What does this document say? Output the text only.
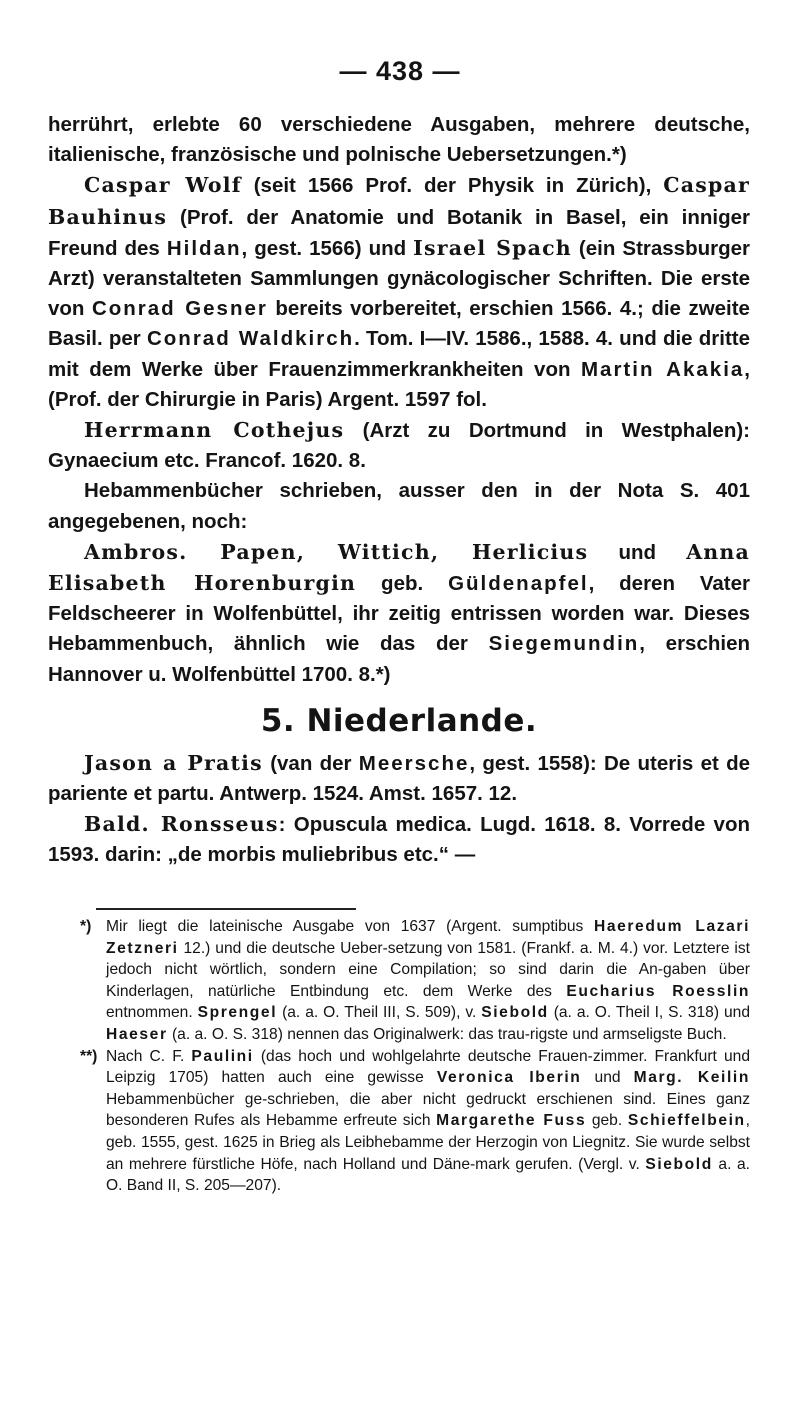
— 438 —

herrührt, erlebte 60 verschiedene Ausgaben, mehrere deutsche, italienische, französische und polnische Uebersetzungen.*)

Caspar Wolf (seit 1566 Prof. der Physik in Zürich), Caspar Bauhinus (Prof. der Anatomie und Botanik in Basel, ein inniger Freund des Hildan, gest. 1566) und Israel Spach (ein Strassburger Arzt) veranstalteten Sammlungen gynäcologischer Schriften. Die erste von Conrad Gesner bereits vorbereitet, erschien 1566. 4.; die zweite Basil. per Conrad Waldkirch. Tom. I—IV. 1586., 1588. 4. und die dritte mit dem Werke über Frauenzimmerkrankheiten von Martin Akakia, (Prof. der Chirurgie in Paris) Argent. 1597 fol.

Herrmann Cothejus (Arzt zu Dortmund in Westphalen): Gynaecium etc. Francof. 1620. 8.

Hebammenbücher schrieben, ausser den in der Nota S. 401 angegebenen, noch:

Ambros. Papen, Wittich, Herlicius und Anna Elisabeth Horenburgin geb. Güldenapfel, deren Vater Feldscheerer in Wolfenbüttel, ihr zeitig entrissen worden war. Dieses Hebammenbuch, ähnlich wie das der Siegemundin, erschien Hannover u. Wolfenbüttel 1700. 8.*)

5. Niederlande.

Jason a Pratis (van der Meersche, gest. 1558): De uteris et de pariente et partu. Antwerp. 1524. Amst. 1657. 12.

Bald. Ronsseus: Opuscula medica. Lugd. 1618. 8. Vorrede von 1593. darin: „de morbis muliebribus etc.“ —

*) Mir liegt die lateinische Ausgabe von 1637 (Argent. sumptibus Haeredum Lazari Zetzneri 12.) und die deutsche Ueber-setzung von 1581. (Frankf. a. M. 4.) vor. Letztere ist jedoch nicht wörtlich, sondern eine Compilation; so sind darin die An-gaben über Kinderlagen, natürliche Entbindung etc. dem Werke des Eucharius Roesslin entnommen. Sprengel (a. a. O. Theil III, S. 509), v. Siebold (a. a. O. Theil I, S. 318) und Haeser (a. a. O. S. 318) nennen das Originalwerk: das trau-rigste und armseligste Buch.

**) Nach C. F. Paulini (das hoch und wohlgelahrte deutsche Frauen-zimmer. Frankfurt und Leipzig 1705) hatten auch eine gewisse Veronica Iberin und Marg. Keilin Hebammenbücher ge-schrieben, die aber nicht gedruckt erschienen sind. Eines ganz besonderen Rufes als Hebamme erfreute sich Margarethe Fuss geb. Schieffelbein, geb. 1555, gest. 1625 in Brieg als Leibhebamme der Herzogin von Liegnitz. Sie wurde selbst an mehrere fürstliche Höfe, nach Holland und Däne-mark gerufen. (Vergl. v. Siebold a. a. O. Band II, S. 205—207).
